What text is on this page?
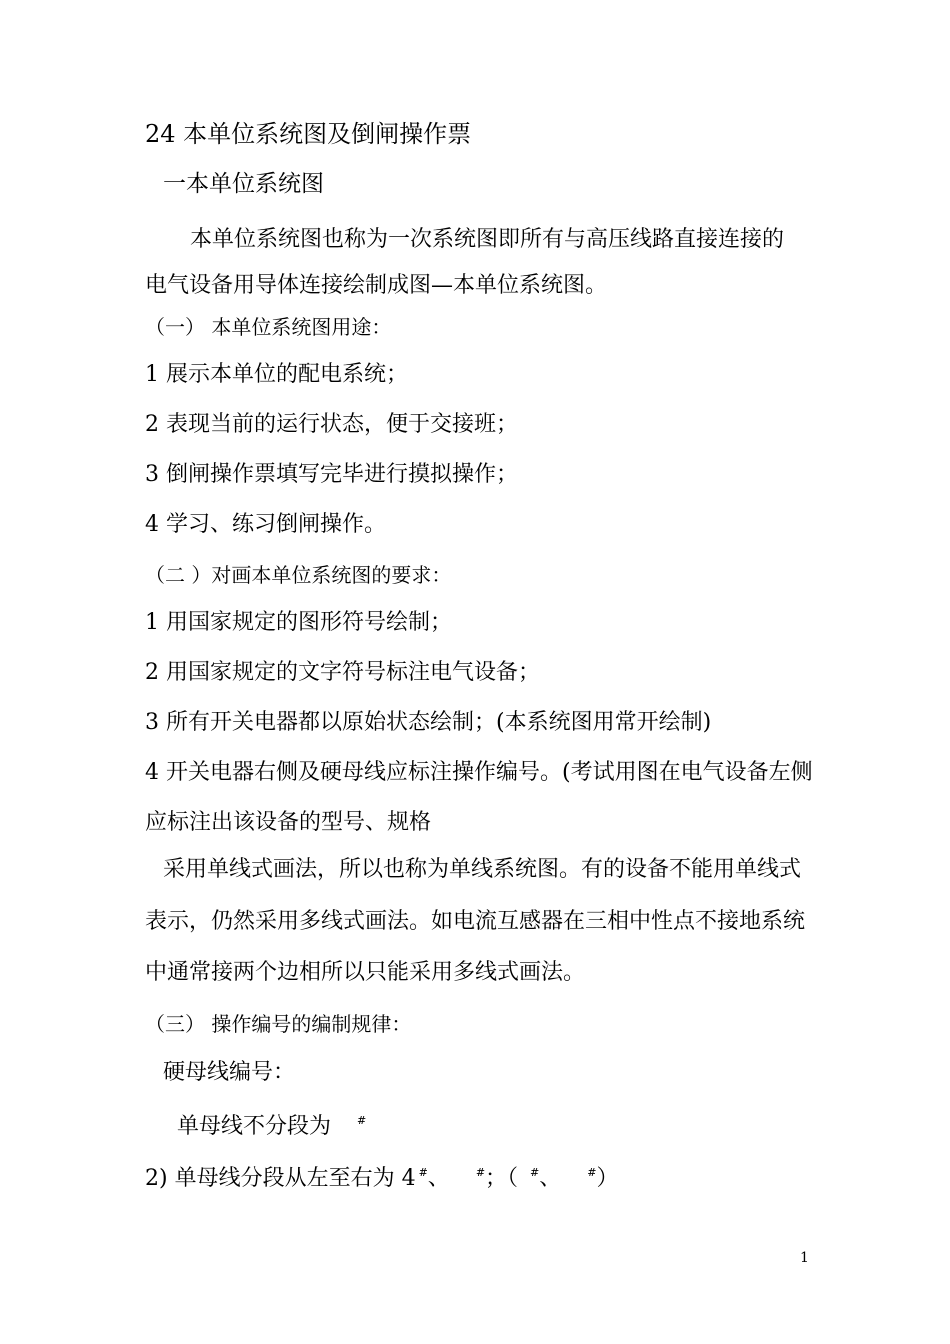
24 本单位系统图及倒闸操作票
一本单位系统图
本单位系统图也称为一次系统图即所有与高压线路直接连接的
电气设备用导体连接绘制成图—本单位系统图。
（一） 本单位系统图用途：
1 展示本单位的配电系统；
2 表现当前的运行状态，便于交接班；
3 倒闸操作票填写完毕进行摸拟操作；
4 学习、练习倒闸操作。
（二 ）对画本单位系统图的要求：
1 用国家规定的图形符号绘制；
2 用国家规定的文字符号标注电气设备；
3 所有开关电器都以原始状态绘制；(本系统图用常开绘制)
4 开关电器右侧及硬母线应标注操作编号。(考试用图在电气设备左侧
应标注出该设备的型号、规格
采用单线式画法，所以也称为单线系统图。有的设备不能用单线式
表示，仍然采用多线式画法。如电流互感器在三相中性点不接地系统
中通常接两个边相所以只能采用多线式画法。
（三） 操作编号的编制规律：
硬母线编号：
单母线不分段为 #
2) 单母线分段从左至右为 4 #、 #；（ #、 #）
1
